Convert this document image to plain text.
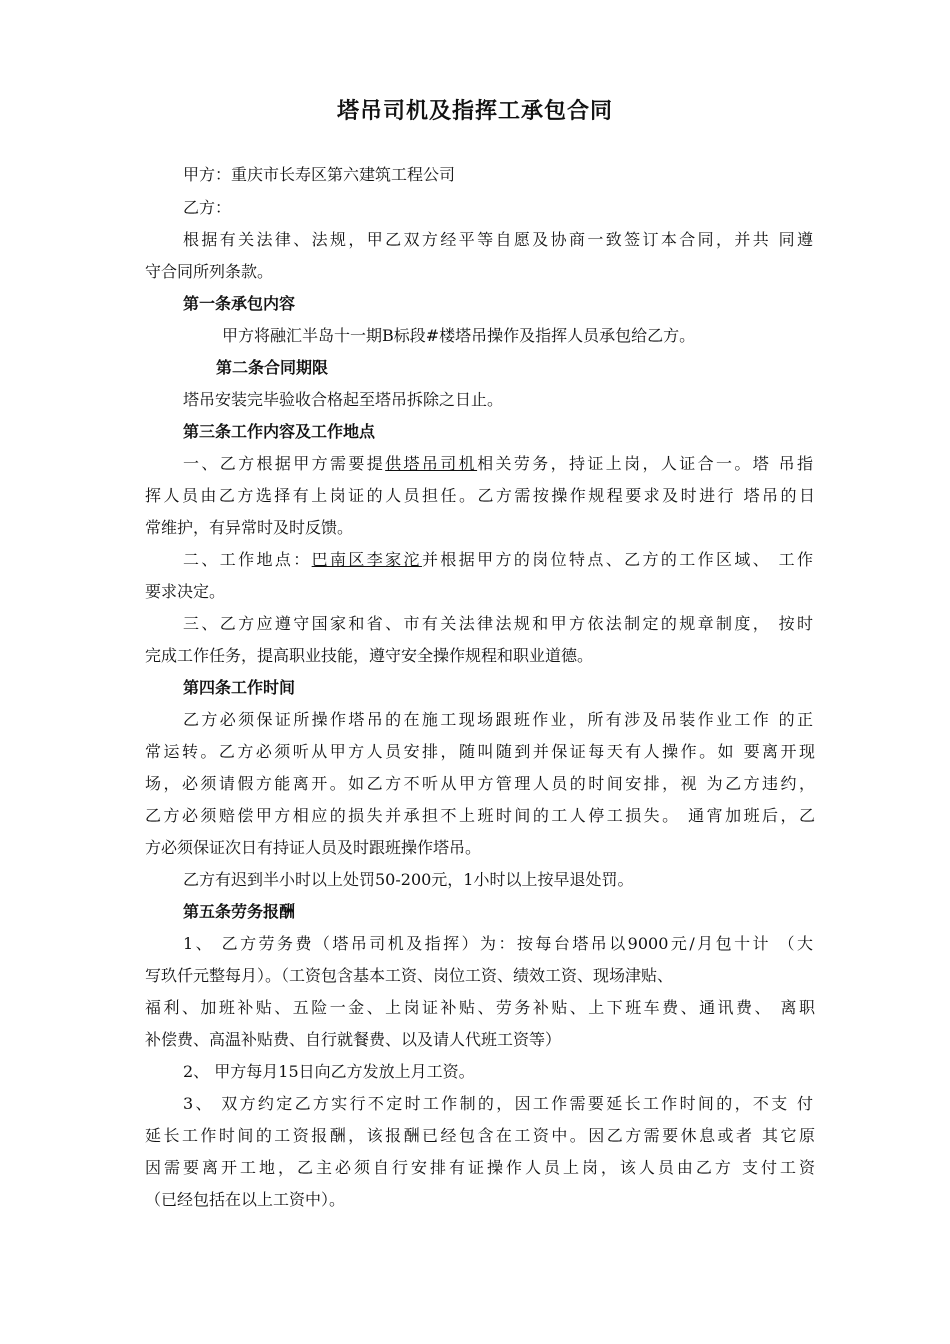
塔吊司机及指挥工承包合同
甲方：重庆市长寿区第六建筑工程公司
乙方：
根据有关法律、法规，甲乙双方经平等自愿及协商一致签订本合同，并共 同遵
守合同所列条款。
第一条承包内容
甲方将融汇半岛十一期B标段#楼塔吊操作及指挥人员承包给乙方。
第二条合同期限
塔吊安装完毕验收合格起至塔吊拆除之日止。
第三条工作内容及工作地点
一、乙方根据甲方需要提供塔吊司机相关劳务，持证上岗，人证合一。塔 吊指
挥人员由乙方选择有上岗证的人员担任。乙方需按操作规程要求及时进行 塔吊的日
常维护，有异常时及时反馈。
二、工作地点：巴南区李家沱并根据甲方的岗位特点、乙方的工作区域、 工作
要求决定。
三、乙方应遵守国家和省、市有关法律法规和甲方依法制定的规章制度， 按时
完成工作任务，提高职业技能，遵守安全操作规程和职业道德。
第四条工作时间
乙方必须保证所操作塔吊的在施工现场跟班作业，所有涉及吊装作业工作 的正
常运转。乙方必须听从甲方人员安排，随叫随到并保证每天有人操作。如 要离开现
场，必须请假方能离开。如乙方不听从甲方管理人员的时间安排，视 为乙方违约，
乙方必须赔偿甲方相应的损失并承担不上班时间的工人停工损失。 通宵加班后，乙
方必须保证次日有持证人员及时跟班操作塔吊。
乙方有迟到半小时以上处罚50-200元，1小时以上按早退处罚。
第五条劳务报酬
1、 乙方劳务费（塔吊司机及指挥）为：按每台塔吊以9000元/月包十计 （大
写玖仟元整每月）。（工资包含基本工资、岗位工资、绩效工资、现场津贴、
福利、加班补贴、五险一金、上岗证补贴、劳务补贴、上下班车费、通讯费、 离职
补偿费、高温补贴费、自行就餐费、以及请人代班工资等）
2、 甲方每月15日向乙方发放上月工资。
3、 双方约定乙方实行不定时工作制的，因工作需要延长工作时间的，不支 付
延长工作时间的工资报酬，该报酬已经包含在工资中。因乙方需要休息或者 其它原
因需要离开工地，乙主必须自行安排有证操作人员上岗，该人员由乙方 支付工资
（已经包括在以上工资中）。
